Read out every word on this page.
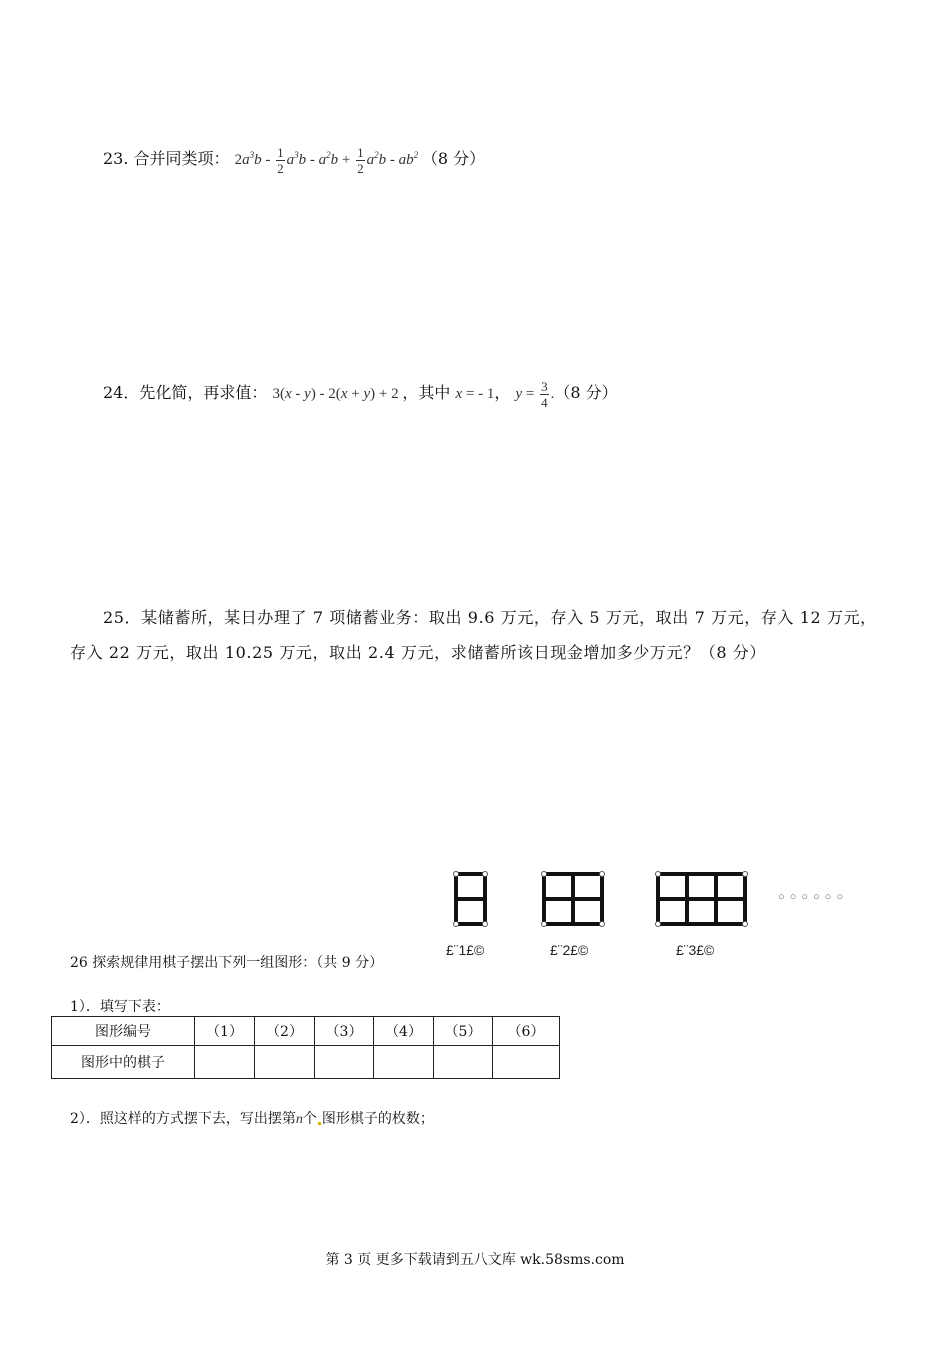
23. 合并同类项： $2a^3b - \frac{1}{2} a^3b - a^2b + \frac{1}{2} a^2b - ab^2$ （8 分）
24．先化简，再求值： 3(x - y) - 2(x + y) + 2 ，其中 x = - 1， $y = \frac{3}{4} .(8$ 分）
25．某储蓄所，某日办理了 7 项储蓄业务：取出 9.6 万元，存入 5 万元，取出 7 万元，存入 12 万元，存入 22 万元，取出 10.25 万元，取出 2.4 万元，求储蓄所该日现金增加多少万元？（8 分）
○ ○ ○ ○ ○ ○
£¨1£©	£¨2£©	£¨3£©
26 探索规律用棋子摆出下列一组图形：（共 9 分）
1）．填写下表：
图形编号	（1）	（2）	（3）	（4）	（5）	（6）
图形中的棋子						
2）．照这样的方式摆下去，写出摆第n个 图形棋子的枚数；
第 3 页 更多下载请到五八文库 wk.58sms.com
